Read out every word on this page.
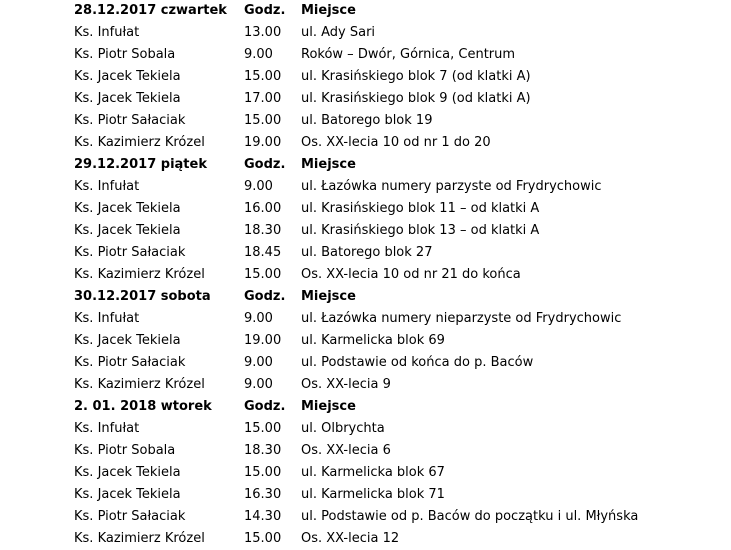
28.12.2017 czwartek Godz. Miejsce
Ks. Infułat	13.00 ul. Ady Sari
Ks. Piotr Sobala	9.00 Roków – Dwór, Górnica, Centrum
Ks. Jacek Tekiela	15.00 ul. Krasińskiego blok 7 (od klatki A)
Ks. Jacek Tekiela	17.00 ul. Krasińskiego blok 9 (od klatki A)
Ks. Piotr Sałaciak	15.00 ul. Batorego blok 19
Ks. Kazimierz Krózel	19.00 Os. XX-lecia 10 od nr 1 do 20
29.12.2017 piątek	Godz. Miejsce
Ks. Infułat	9.00 ul. Łazówka numery parzyste od Frydrychowic
Ks. Jacek Tekiela	16.00 ul. Krasińskiego blok 11 – od klatki A
Ks. Jacek Tekiela	18.30 ul. Krasińskiego blok 13 – od klatki A
Ks. Piotr Sałaciak	18.45 ul. Batorego blok 27
Ks. Kazimierz Krózel	15.00 Os. XX-lecia 10 od nr 21 do końca
30.12.2017 sobota	Godz. Miejsce
Ks. Infułat	9.00 ul. Łazówka numery nieparzyste od Frydrychowic
Ks. Jacek Tekiela	19.00 ul. Karmelicka blok 69
Ks. Piotr Sałaciak	9.00 ul. Podstawie od końca do p. Baców
Ks. Kazimierz Krózel	9.00 Os. XX-lecia 9
2. 01. 2018 wtorek Godz. Miejsce
Ks. Infułat	15.00 ul. Olbrychta
Ks. Piotr Sobala	18.30 Os. XX-lecia 6
Ks. Jacek Tekiela	15.00 ul. Karmelicka blok 67
Ks. Jacek Tekiela	16.30 ul. Karmelicka blok 71
Ks. Piotr Sałaciak	14.30 ul. Podstawie od p. Baców do początku i ul. Młyńska
Ks. Kazimierz Krózel	15.00 Os. XX-lecia 12
